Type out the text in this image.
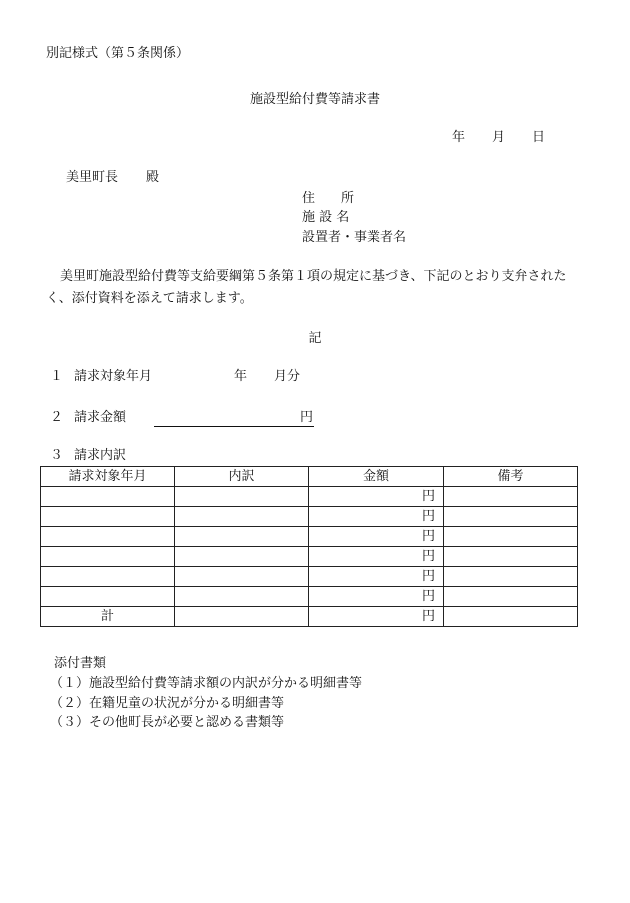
別記様式（第５条関係）
施設型給付費等請求書
年 月 日
美里町長 殿
住　　所
施 設 名
設置者・事業者名
美里町施設型給付費等支給要綱第５条第１項の規定に基づき、下記のとおり支弁された
く、添付資料を添えて請求します。
記
１ 請求対象年月	年 月分
２ 請求金額	円
３ 請求内訳
請求対象年月	内訳	金額	備考
		円	
		円	
		円	
		円	
		円	
		円	
計		円	
添付書類
（１）施設型給付費等請求額の内訳が分かる明細書等
（２）在籍児童の状況が分かる明細書等
（３）その他町長が必要と認める書類等
